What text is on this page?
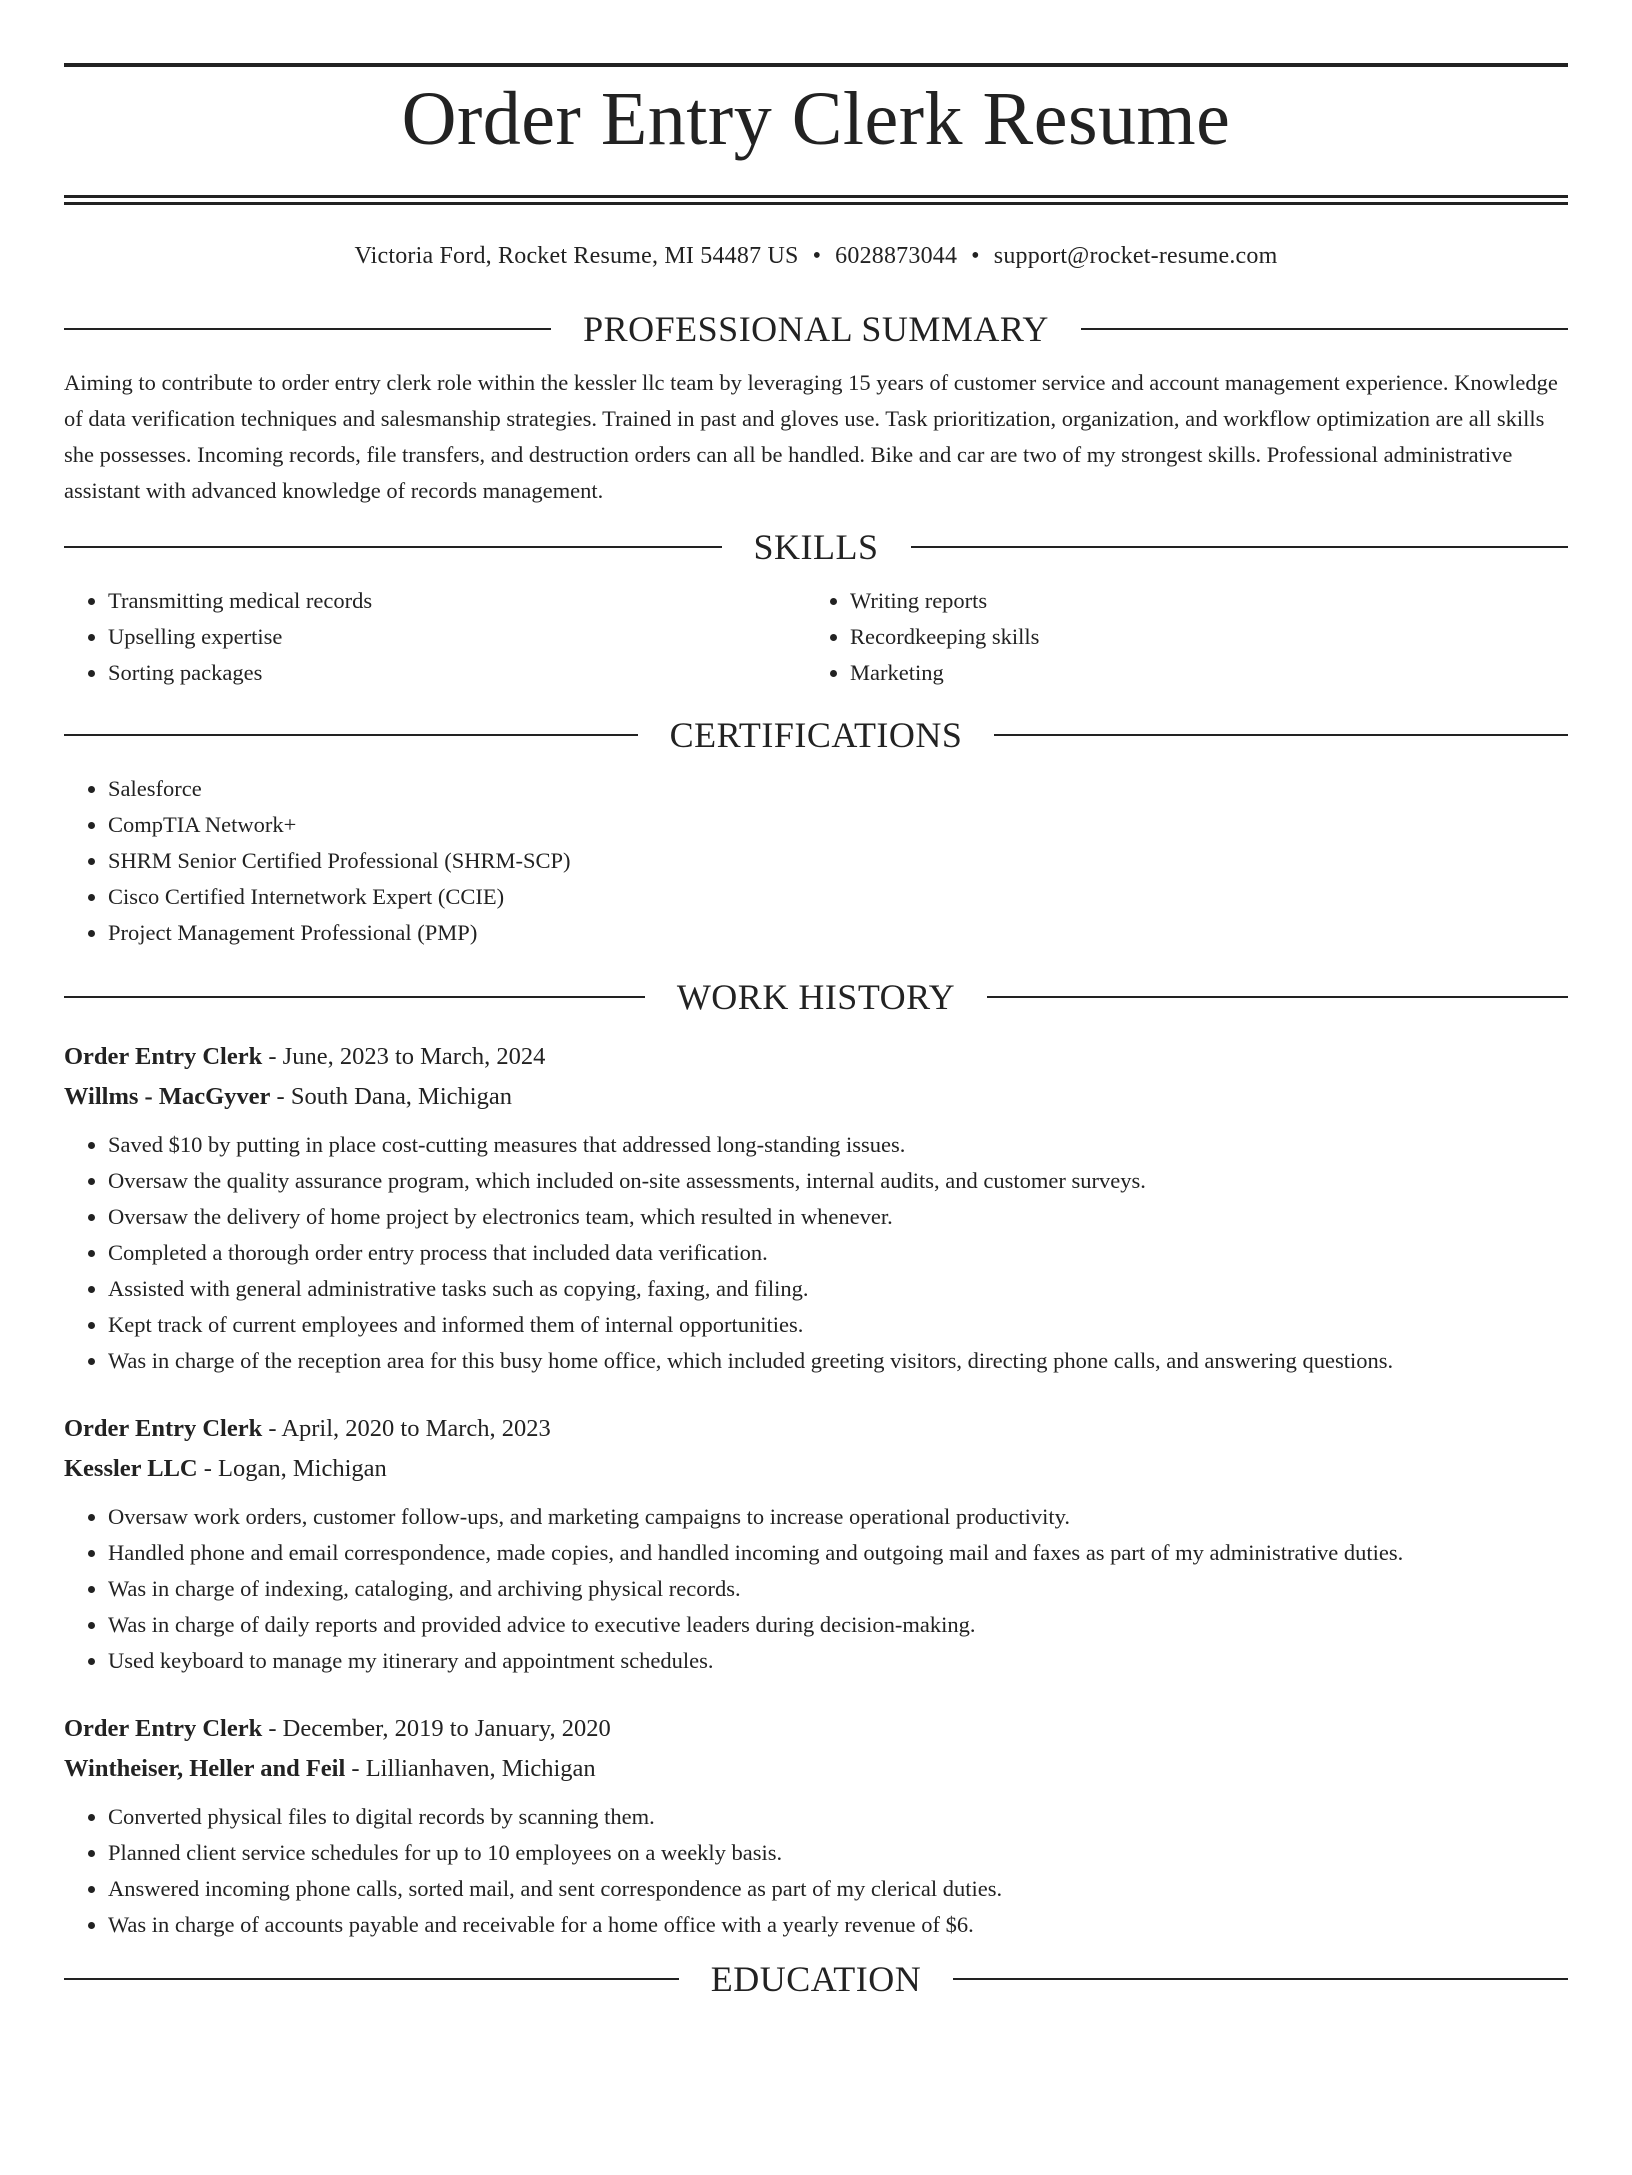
Order Entry Clerk Resume
Victoria Ford, Rocket Resume, MI 54487 US • 6028873044 • support@rocket-resume.com
PROFESSIONAL SUMMARY
Aiming to contribute to order entry clerk role within the kessler llc team by leveraging 15 years of customer service and account management experience. Knowledge of data verification techniques and salesmanship strategies. Trained in past and gloves use. Task prioritization, organization, and workflow optimization are all skills she possesses. Incoming records, file transfers, and destruction orders can all be handled. Bike and car are two of my strongest skills. Professional administrative assistant with advanced knowledge of records management.
SKILLS
• Transmitting medical records
• Upselling expertise
• Sorting packages
• Writing reports
• Recordkeeping skills
• Marketing
CERTIFICATIONS
• Salesforce
• CompTIA Network+
• SHRM Senior Certified Professional (SHRM-SCP)
• Cisco Certified Internetwork Expert (CCIE)
• Project Management Professional (PMP)
WORK HISTORY
Order Entry Clerk - June, 2023 to March, 2024
Willms - MacGyver - South Dana, Michigan
• Saved $10 by putting in place cost-cutting measures that addressed long-standing issues.
• Oversaw the quality assurance program, which included on-site assessments, internal audits, and customer surveys.
• Oversaw the delivery of home project by electronics team, which resulted in whenever.
• Completed a thorough order entry process that included data verification.
• Assisted with general administrative tasks such as copying, faxing, and filing.
• Kept track of current employees and informed them of internal opportunities.
• Was in charge of the reception area for this busy home office, which included greeting visitors, directing phone calls, and answering questions.
Order Entry Clerk - April, 2020 to March, 2023
Kessler LLC - Logan, Michigan
• Oversaw work orders, customer follow-ups, and marketing campaigns to increase operational productivity.
• Handled phone and email correspondence, made copies, and handled incoming and outgoing mail and faxes as part of my administrative duties.
• Was in charge of indexing, cataloging, and archiving physical records.
• Was in charge of daily reports and provided advice to executive leaders during decision-making.
• Used keyboard to manage my itinerary and appointment schedules.
Order Entry Clerk - December, 2019 to January, 2020
Wintheiser, Heller and Feil - Lillianhaven, Michigan
• Converted physical files to digital records by scanning them.
• Planned client service schedules for up to 10 employees on a weekly basis.
• Answered incoming phone calls, sorted mail, and sent correspondence as part of my clerical duties.
• Was in charge of accounts payable and receivable for a home office with a yearly revenue of $6.
EDUCATION
